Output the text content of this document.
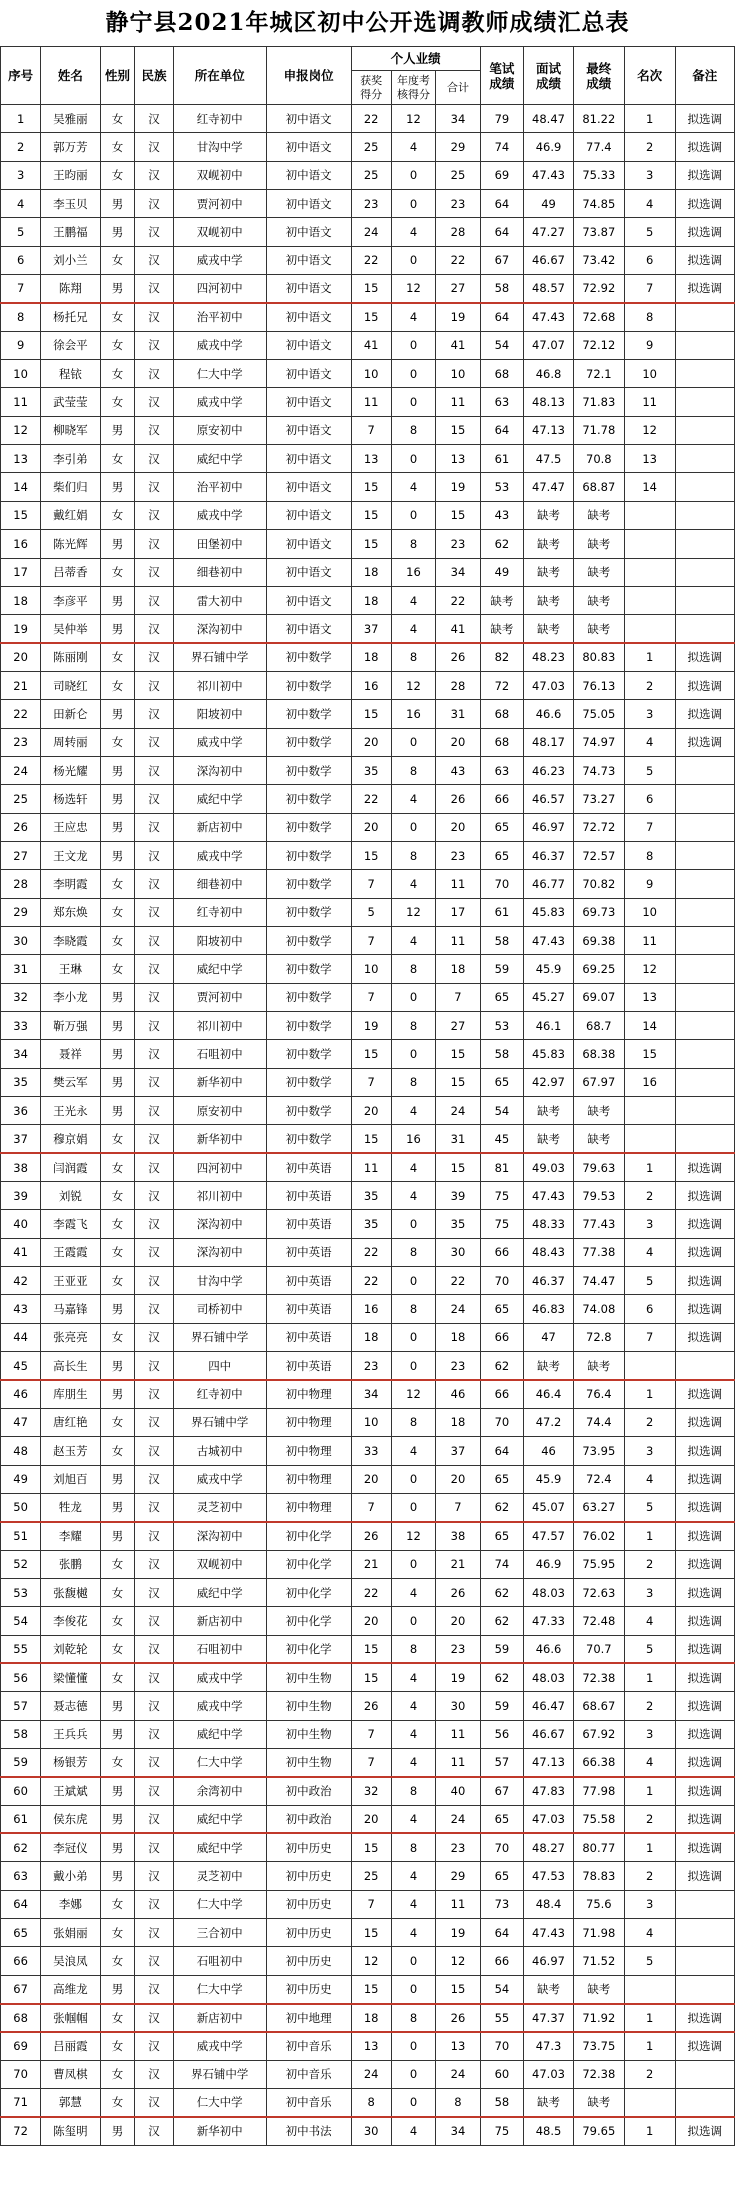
静宁县2021年城区初中公开选调教师成绩汇总表
序号	姓名	性别	民族	所在单位	申报岗位	个人业绩			笔试成绩	面试成绩	最终成绩	名次	备注
						获奖得分	年度考核得分	合计					
1	吴雅丽	女	汉	红寺初中	初中语文	22	12	34	79	48.47	81.22	1	拟选调
2	郭万芳	女	汉	甘沟中学	初中语文	25	4	29	74	46.9	77.4	2	拟选调
3	王昀丽	女	汉	双岘初中	初中语文	25	0	25	69	47.43	75.33	3	拟选调
4	李玉贝	男	汉	贾河初中	初中语文	23	0	23	64	49	74.85	4	拟选调
5	王鹏福	男	汉	双岘初中	初中语文	24	4	28	64	47.27	73.87	5	拟选调
6	刘小兰	女	汉	威戎中学	初中语文	22	0	22	67	46.67	73.42	6	拟选调
7	陈翔	男	汉	四河初中	初中语文	15	12	27	58	48.57	72.92	7	拟选调
8	杨托兄	女	汉	治平初中	初中语文	15	4	19	64	47.43	72.68	8	
9	徐会平	女	汉	威戎中学	初中语文	41	0	41	54	47.07	72.12	9	
10	程铱	女	汉	仁大中学	初中语文	10	0	10	68	46.8	72.1	10	
11	武莹莹	女	汉	威戎中学	初中语文	11	0	11	63	48.13	71.83	11	
12	柳晓军	男	汉	原安初中	初中语文	7	8	15	64	47.13	71.78	12	
13	李引弟	女	汉	威纪中学	初中语文	13	0	13	61	47.5	70.8	13	
14	柴们归	男	汉	治平初中	初中语文	15	4	19	53	47.47	68.87	14	
15	戴红娟	女	汉	威戎中学	初中语文	15	0	15	43	缺考	缺考		
16	陈光辉	男	汉	田堡初中	初中语文	15	8	23	62	缺考	缺考		
17	吕蒂香	女	汉	细巷初中	初中语文	18	16	34	49	缺考	缺考		
18	李彦平	男	汉	雷大初中	初中语文	18	4	22	缺考	缺考	缺考		
19	吴仲举	男	汉	深沟初中	初中语文	37	4	41	缺考	缺考	缺考		
20	陈丽刚	女	汉	界石铺中学	初中数学	18	8	26	82	48.23	80.83	1	拟选调
21	司晓红	女	汉	祁川初中	初中数学	16	12	28	72	47.03	76.13	2	拟选调
22	田新仑	男	汉	阳坡初中	初中数学	15	16	31	68	46.6	75.05	3	拟选调
23	周转丽	女	汉	威戎中学	初中数学	20	0	20	68	48.17	74.97	4	拟选调
24	杨光耀	男	汉	深沟初中	初中数学	35	8	43	63	46.23	74.73	5	
25	杨选轩	男	汉	威纪中学	初中数学	22	4	26	66	46.57	73.27	6	
26	王应忠	男	汉	新店初中	初中数学	20	0	20	65	46.97	72.72	7	
27	王文龙	男	汉	威戎中学	初中数学	15	8	23	65	46.37	72.57	8	
28	李明霞	女	汉	细巷初中	初中数学	7	4	11	70	46.77	70.82	9	
29	郑东焕	女	汉	红寺初中	初中数学	5	12	17	61	45.83	69.73	10	
30	李晓霞	女	汉	阳坡初中	初中数学	7	4	11	58	47.43	69.38	11	
31	王琳	女	汉	威纪中学	初中数学	10	8	18	59	45.9	69.25	12	
32	李小龙	男	汉	贾河初中	初中数学	7	0	7	65	45.27	69.07	13	
33	靳万强	男	汉	祁川初中	初中数学	19	8	27	53	46.1	68.7	14	
34	聂祥	男	汉	石咀初中	初中数学	15	0	15	58	45.83	68.38	15	
35	樊云军	男	汉	新华初中	初中数学	7	8	15	65	42.97	67.97	16	
36	王光永	男	汉	原安初中	初中数学	20	4	24	54	缺考	缺考		
37	穆京娟	女	汉	新华初中	初中数学	15	16	31	45	缺考	缺考		
38	闫润霞	女	汉	四河初中	初中英语	11	4	15	81	49.03	79.63	1	拟选调
39	刘锐	女	汉	祁川初中	初中英语	35	4	39	75	47.43	79.53	2	拟选调
40	李霞飞	女	汉	深沟初中	初中英语	35	0	35	75	48.33	77.43	3	拟选调
41	王霞霞	女	汉	深沟初中	初中英语	22	8	30	66	48.43	77.38	4	拟选调
42	王亚亚	女	汉	甘沟中学	初中英语	22	0	22	70	46.37	74.47	5	拟选调
43	马嘉锋	男	汉	司桥初中	初中英语	16	8	24	65	46.83	74.08	6	拟选调
44	张亮亮	女	汉	界石铺中学	初中英语	18	0	18	66	47	72.8	7	拟选调
45	高长生	男	汉	四中	初中英语	23	0	23	62	缺考	缺考		
46	库朋生	男	汉	红寺初中	初中物理	34	12	46	66	46.4	76.4	1	拟选调
47	唐红艳	女	汉	界石铺中学	初中物理	10	8	18	70	47.2	74.4	2	拟选调
48	赵玉芳	女	汉	古城初中	初中物理	33	4	37	64	46	73.95	3	拟选调
49	刘旭百	男	汉	威戎中学	初中物理	20	0	20	65	45.9	72.4	4	拟选调
50	牲龙	男	汉	灵芝初中	初中物理	7	0	7	62	45.07	63.27	5	拟选调
51	李耀	男	汉	深沟初中	初中化学	26	12	38	65	47.57	76.02	1	拟选调
52	张鹏	女	汉	双岘初中	初中化学	21	0	21	74	46.9	75.95	2	拟选调
53	张馥樾	女	汉	威纪中学	初中化学	22	4	26	62	48.03	72.63	3	拟选调
54	李俊花	女	汉	新店初中	初中化学	20	0	20	62	47.33	72.48	4	拟选调
55	刘乾轮	女	汉	石咀初中	初中化学	15	8	23	59	46.6	70.7	5	拟选调
56	梁懂懂	女	汉	威戎中学	初中生物	15	4	19	62	48.03	72.38	1	拟选调
57	聂志德	男	汉	威戎中学	初中生物	26	4	30	59	46.47	68.67	2	拟选调
58	王兵兵	男	汉	威纪中学	初中生物	7	4	11	56	46.67	67.92	3	拟选调
59	杨银芳	女	汉	仁大中学	初中生物	7	4	11	57	47.13	66.38	4	拟选调
60	王斌斌	男	汉	余湾初中	初中政治	32	8	40	67	47.83	77.98	1	拟选调
61	侯东虎	男	汉	威纪中学	初中政治	20	4	24	65	47.03	75.58	2	拟选调
62	李冠仪	男	汉	威纪中学	初中历史	15	8	23	70	48.27	80.77	1	拟选调
63	戴小弟	男	汉	灵芝初中	初中历史	25	4	29	65	47.53	78.83	2	拟选调
64	李娜	女	汉	仁大中学	初中历史	7	4	11	73	48.4	75.6	3	
65	张娟丽	女	汉	三合初中	初中历史	15	4	19	64	47.43	71.98	4	
66	吴浪凤	女	汉	石咀初中	初中历史	12	0	12	66	46.97	71.52	5	
67	高维龙	男	汉	仁大中学	初中历史	15	0	15	54	缺考	缺考		
68	张帼帼	女	汉	新店初中	初中地理	18	8	26	55	47.37	71.92	1	拟选调
69	吕丽霞	女	汉	威戎中学	初中音乐	13	0	13	70	47.3	73.75	1	拟选调
70	曹凤棋	女	汉	界石铺中学	初中音乐	24	0	24	60	47.03	72.38	2	
71	郭慧	女	汉	仁大中学	初中音乐	8	0	8	58	缺考	缺考		
72	陈玺明	男	汉	新华初中	初中书法	30	4	34	75	48.5	79.65	1	拟选调
